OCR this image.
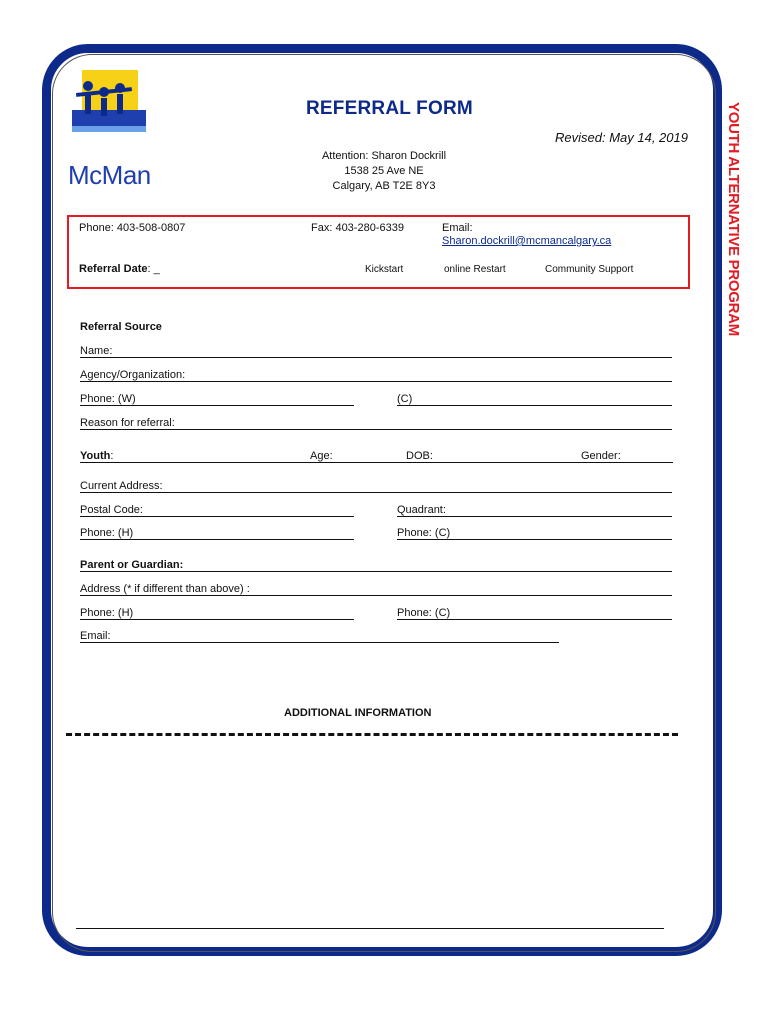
McMan
REFERRAL FORM
Revised: May 14, 2019
Attention: Sharon Dockrill
1538 25 Ave NE
Calgary, AB T2E 8Y3	YOUTH ALTERNATIVE PROGRAM
Phone: 403-508-0807	Fax: 403-280-6339	Email:
Sharon.dockrill@mcmancalgary.ca
Referral Date: _	Kickstart	online Restart	Community Support
Referral Source
Name:
Agency/Organization:
Phone: (W)	(C)
Reason for referral:
Youth:	Age:	DOB:	Gender:
Current Address:
Postal Code:	Quadrant:
Phone: (H)	Phone: (C)
Parent or Guardian:
Address (* if different than above) :
Phone: (H)	Phone: (C)
Email:
ADDITIONAL INFORMATION
